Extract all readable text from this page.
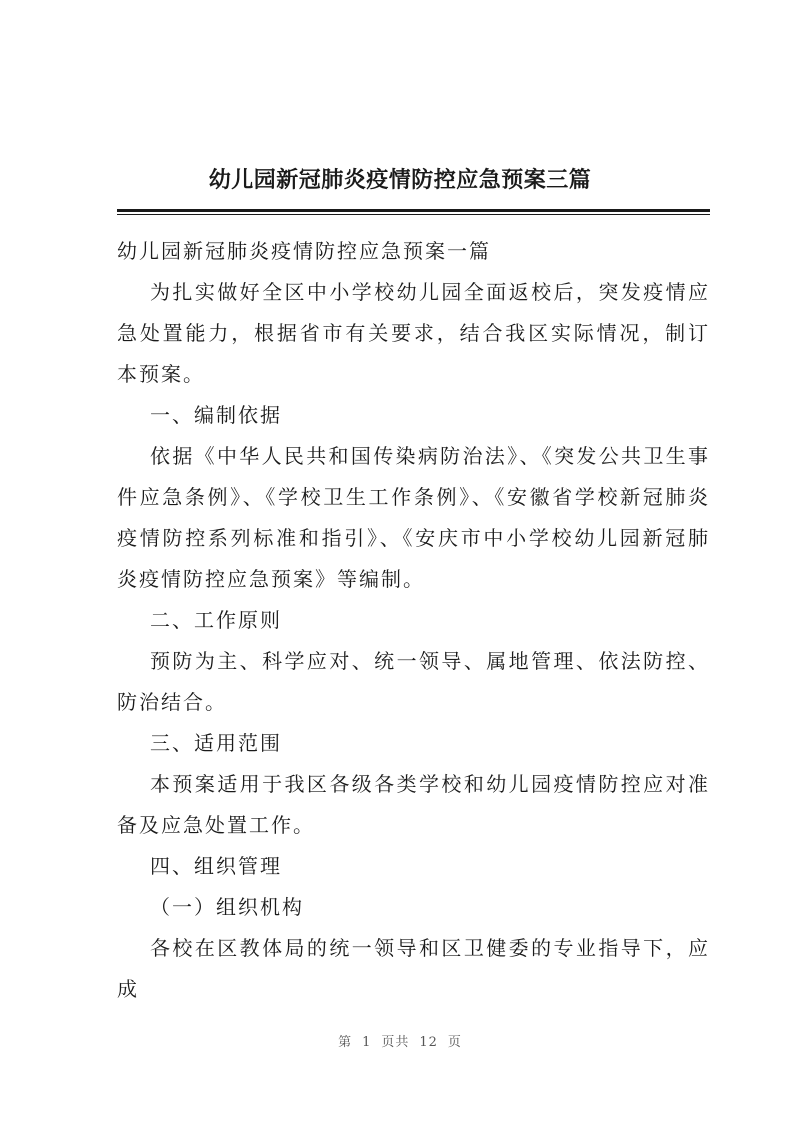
幼儿园新冠肺炎疫情防控应急预案三篇

幼儿园新冠肺炎疫情防控应急预案一篇

为扎实做好全区中小学校幼儿园全面返校后，突发疫情应急处置能力，根据省市有关要求，结合我区实际情况，制订本预案。

一、编制依据

依据《中华人民共和国传染病防治法》、《突发公共卫生事件应急条例》、《学校卫生工作条例》、《安徽省学校新冠肺炎疫情防控系列标准和指引》、《安庆市中小学校幼儿园新冠肺炎疫情防控应急预案》等编制。

二、工作原则

预防为主、科学应对、统一领导、属地管理、依法防控、防治结合。

三、适用范围

本预案适用于我区各级各类学校和幼儿园疫情防控应对准备及应急处置工作。

四、组织管理

（一）组织机构

各校在区教体局的统一领导和区卫健委的专业指导下，应成

第 1 页共 12 页
